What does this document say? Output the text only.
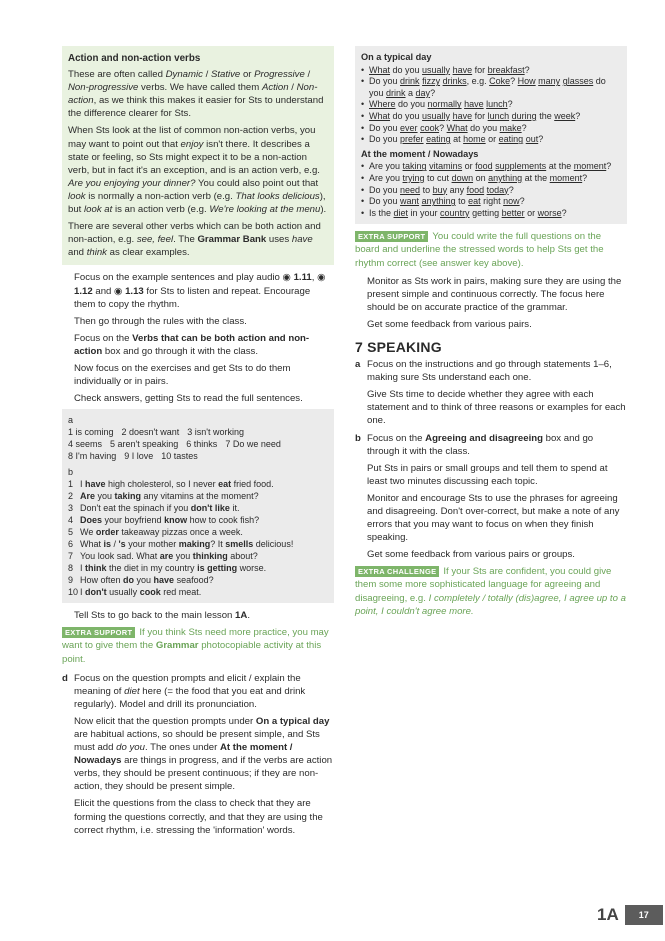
Action and non-action verbs

These are often called Dynamic / Stative or Progressive / Non-progressive verbs. We have called them Action / Non-action, as we think this makes it easier for Sts to understand the difference clearer for Sts.

When Sts look at the list of common non-action verbs, you may want to point out that enjoy isn't there. It describes a state or feeling, so Sts might expect it to be a non-action verb, but in fact it's an exception, and is an action verb, e.g. Are you enjoying your dinner? You could also point out that look is normally a non-action verb (e.g. That looks delicious), but look at is an action verb (e.g. We're looking at the menu).

There are several other verbs which can be both action and non-action, e.g. see, feel. The Grammar Bank uses have and think as clear examples.

Focus on the example sentences and play audio ◉ 1.11, ◉ 1.12 and ◉ 1.13 for Sts to listen and repeat. Encourage them to copy the rhythm.

Then go through the rules with the class.

Focus on the Verbs that can be both action and non-action box and go through it with the class.

Now focus on the exercises and get Sts to do them individually or in pairs.

Check answers, getting Sts to read the full sentences.

a
1 is coming 2 doesn't want 3 isn't working
4 seems 5 aren't speaking 6 thinks 7 Do we need
8 I'm having 9 I love 10 tastes
b
1 I have high cholesterol, so I never eat fried food.
2 Are you taking any vitamins at the moment?
3 Don't eat the spinach if you don't like it.
4 Does your boyfriend know how to cook fish?
5 We order takeaway pizzas once a week.
6 What is / 's your mother making? It smells delicious!
7 You look sad. What are you thinking about?
8 I think the diet in my country is getting worse.
9 How often do you have seafood?
10 I don't usually cook red meat.

Tell Sts to go back to the main lesson 1A.

EXTRA SUPPORT If you think Sts need more practice, you may want to give them the Grammar photocopiable activity at this point.
d Focus on the question prompts and elicit / explain the meaning of diet here (= the food that you eat and drink regularly). Model and drill its pronunciation.

Now elicit that the question prompts under On a typical day are habitual actions, so should be present simple, and Sts must add do you. The ones under At the moment / Nowadays are things in progress, and if the verbs are action verbs, they should be present continuous; if they are non-action, they should be present simple.

Elicit the questions from the class to check that they are forming the questions correctly, and that they are using the correct rhythm, i.e. stressing the 'information' words.

On a typical day
• What do you usually have for breakfast?
• Do you drink fizzy drinks, e.g. Coke? How many glasses do you drink a day?
• Where do you normally have lunch?
• What do you usually have for lunch during the week?
• Do you ever cook? What do you make?
• Do you prefer eating at home or eating out?
At the moment / Nowadays
• Are you taking vitamins or food supplements at the moment?
• Are you trying to cut down on anything at the moment?
• Do you need to buy any food today?
• Do you want anything to eat right now?
• Is the diet in your country getting better or worse?
EXTRA SUPPORT You could write the full questions on the board and underline the stressed words to help Sts get the rhythm correct (see answer key above).

Monitor as Sts work in pairs, making sure they are using the present simple and continuous correctly. The focus here should be on accurate practice of the grammar.

Get some feedback from various pairs.

7 SPEAKING
a Focus on the instructions and go through statements 1–6, making sure Sts understand each one.

Give Sts time to decide whether they agree with each statement and to think of three reasons or examples for each one.

b Focus on the Agreeing and disagreeing box and go through it with the class.

Put Sts in pairs or small groups and tell them to spend at least two minutes discussing each topic.

Monitor and encourage Sts to use the phrases for agreeing and disagreeing. Don't over-correct, but make a note of any errors that you may want to focus on when they finish speaking.

Get some feedback from various pairs or groups.

EXTRA CHALLENGE If your Sts are confident, you could give them some more sophisticated language for agreeing and disagreeing, e.g. I completely / totally (dis)agree, I agree up to a point, I couldn't agree more.
1A	17
